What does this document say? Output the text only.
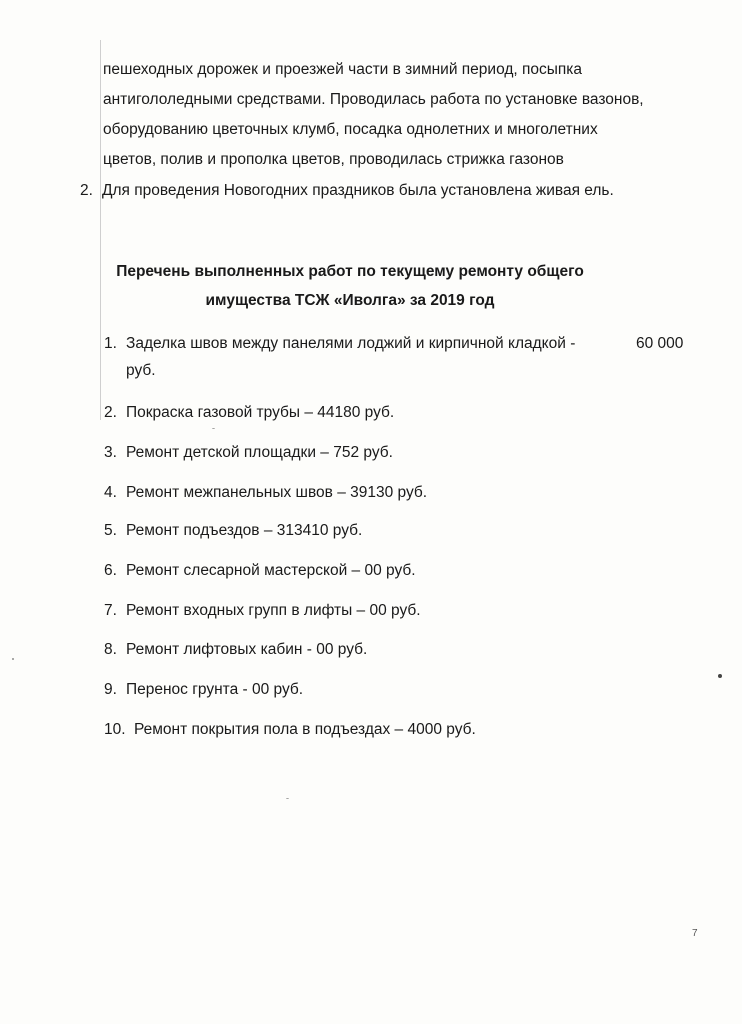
пешеходных дорожек и проезжей части в зимний период, посыпка
антигололедными средствами. Проводилась работа по установке вазонов,
оборудованию цветочных клумб, посадка однолетних и многолетних
цветов, полив и прополка цветов, проводилась стрижка газонов
2. Для проведения Новогодних праздников была установлена живая ель.
Перечень выполненных работ по текущему ремонту общего
имущества ТСЖ «Иволга» за 2019 год
1. Заделка швов между панелями лоджий и кирпичной кладкой -	60 000
руб.
2. Покраска газовой трубы – 44180 руб.
3. Ремонт детской площадки – 752 руб.
4. Ремонт межпанельных швов – 39130 руб.
5. Ремонт подъездов – 313410 руб.
6. Ремонт слесарной мастерской – 00 руб.
7. Ремонт входных групп в лифты – 00 руб.
8. Ремонт лифтовых кабин - 00 руб.
9. Перенос грунта - 00 руб.
10. Ремонт покрытия пола в подъездах – 4000 руб.
7
